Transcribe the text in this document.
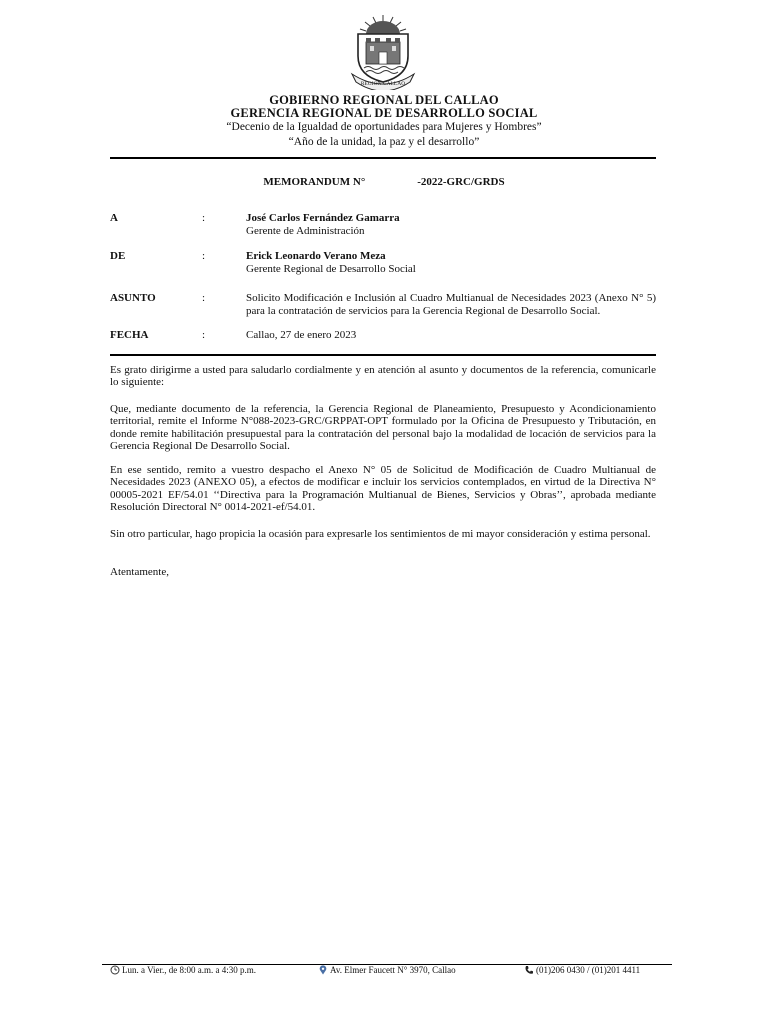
REGION CALLAO
GOBIERNO REGIONAL DEL CALLAO
GERENCIA REGIONAL DE DESARROLLO SOCIAL
“Decenio de la Igualdad de oportunidades para Mujeres y Hombres”
“Año de la unidad, la paz y el desarrollo”
MEMORANDUM N°	-2022-GRC/GRDS
A	:	José Carlos Fernández Gamarra
Gerente de Administración
DE	:	Erick Leonardo Verano Meza
Gerente Regional de Desarrollo Social
ASUNTO	:	Solicito Modificación e Inclusión al Cuadro Multianual de Necesidades 2023 (Anexo N° 5) para la contratación de servicios para la Gerencia Regional de Desarrollo Social.
FECHA	:	Callao, 27 de enero 2023
Es grato dirigirme a usted para saludarlo cordialmente y en atención al asunto y documentos de la referencia, comunicarle lo siguiente:
Que, mediante documento de la referencia, la Gerencia Regional de Planeamiento, Presupuesto y Acondicionamiento territorial, remite el Informe N°088-2023-GRC/GRPPAT-OPT formulado por la Oficina de Presupuesto y Tributación, en donde remite habilitación presupuestal para la contratación del personal bajo la modalidad de locación de servicios para la Gerencia Regional De Desarrollo Social.
En ese sentido, remito a vuestro despacho el Anexo N° 05 de Solicitud de Modificación de Cuadro Multianual de Necesidades 2023 (ANEXO 05), a efectos de modificar e incluir los servicios contemplados, en virtud de la Directiva N° 00005-2021 EF/54.01 ‘‘Directiva para la Programación Multianual de Bienes, Servicios y Obras’’, aprobada mediante Resolución Directoral N° 0014-2021-ef/54.01.
Sin otro particular, hago propicia la ocasión para expresarle los sentimientos de mi mayor consideración y estima personal.
Atentamente,
Lun. a Vier., de 8:00 a.m. a 4:30 p.m.	Av. Elmer Faucett N° 3970, Callao	(01)206 0430 / (01)201 4411
